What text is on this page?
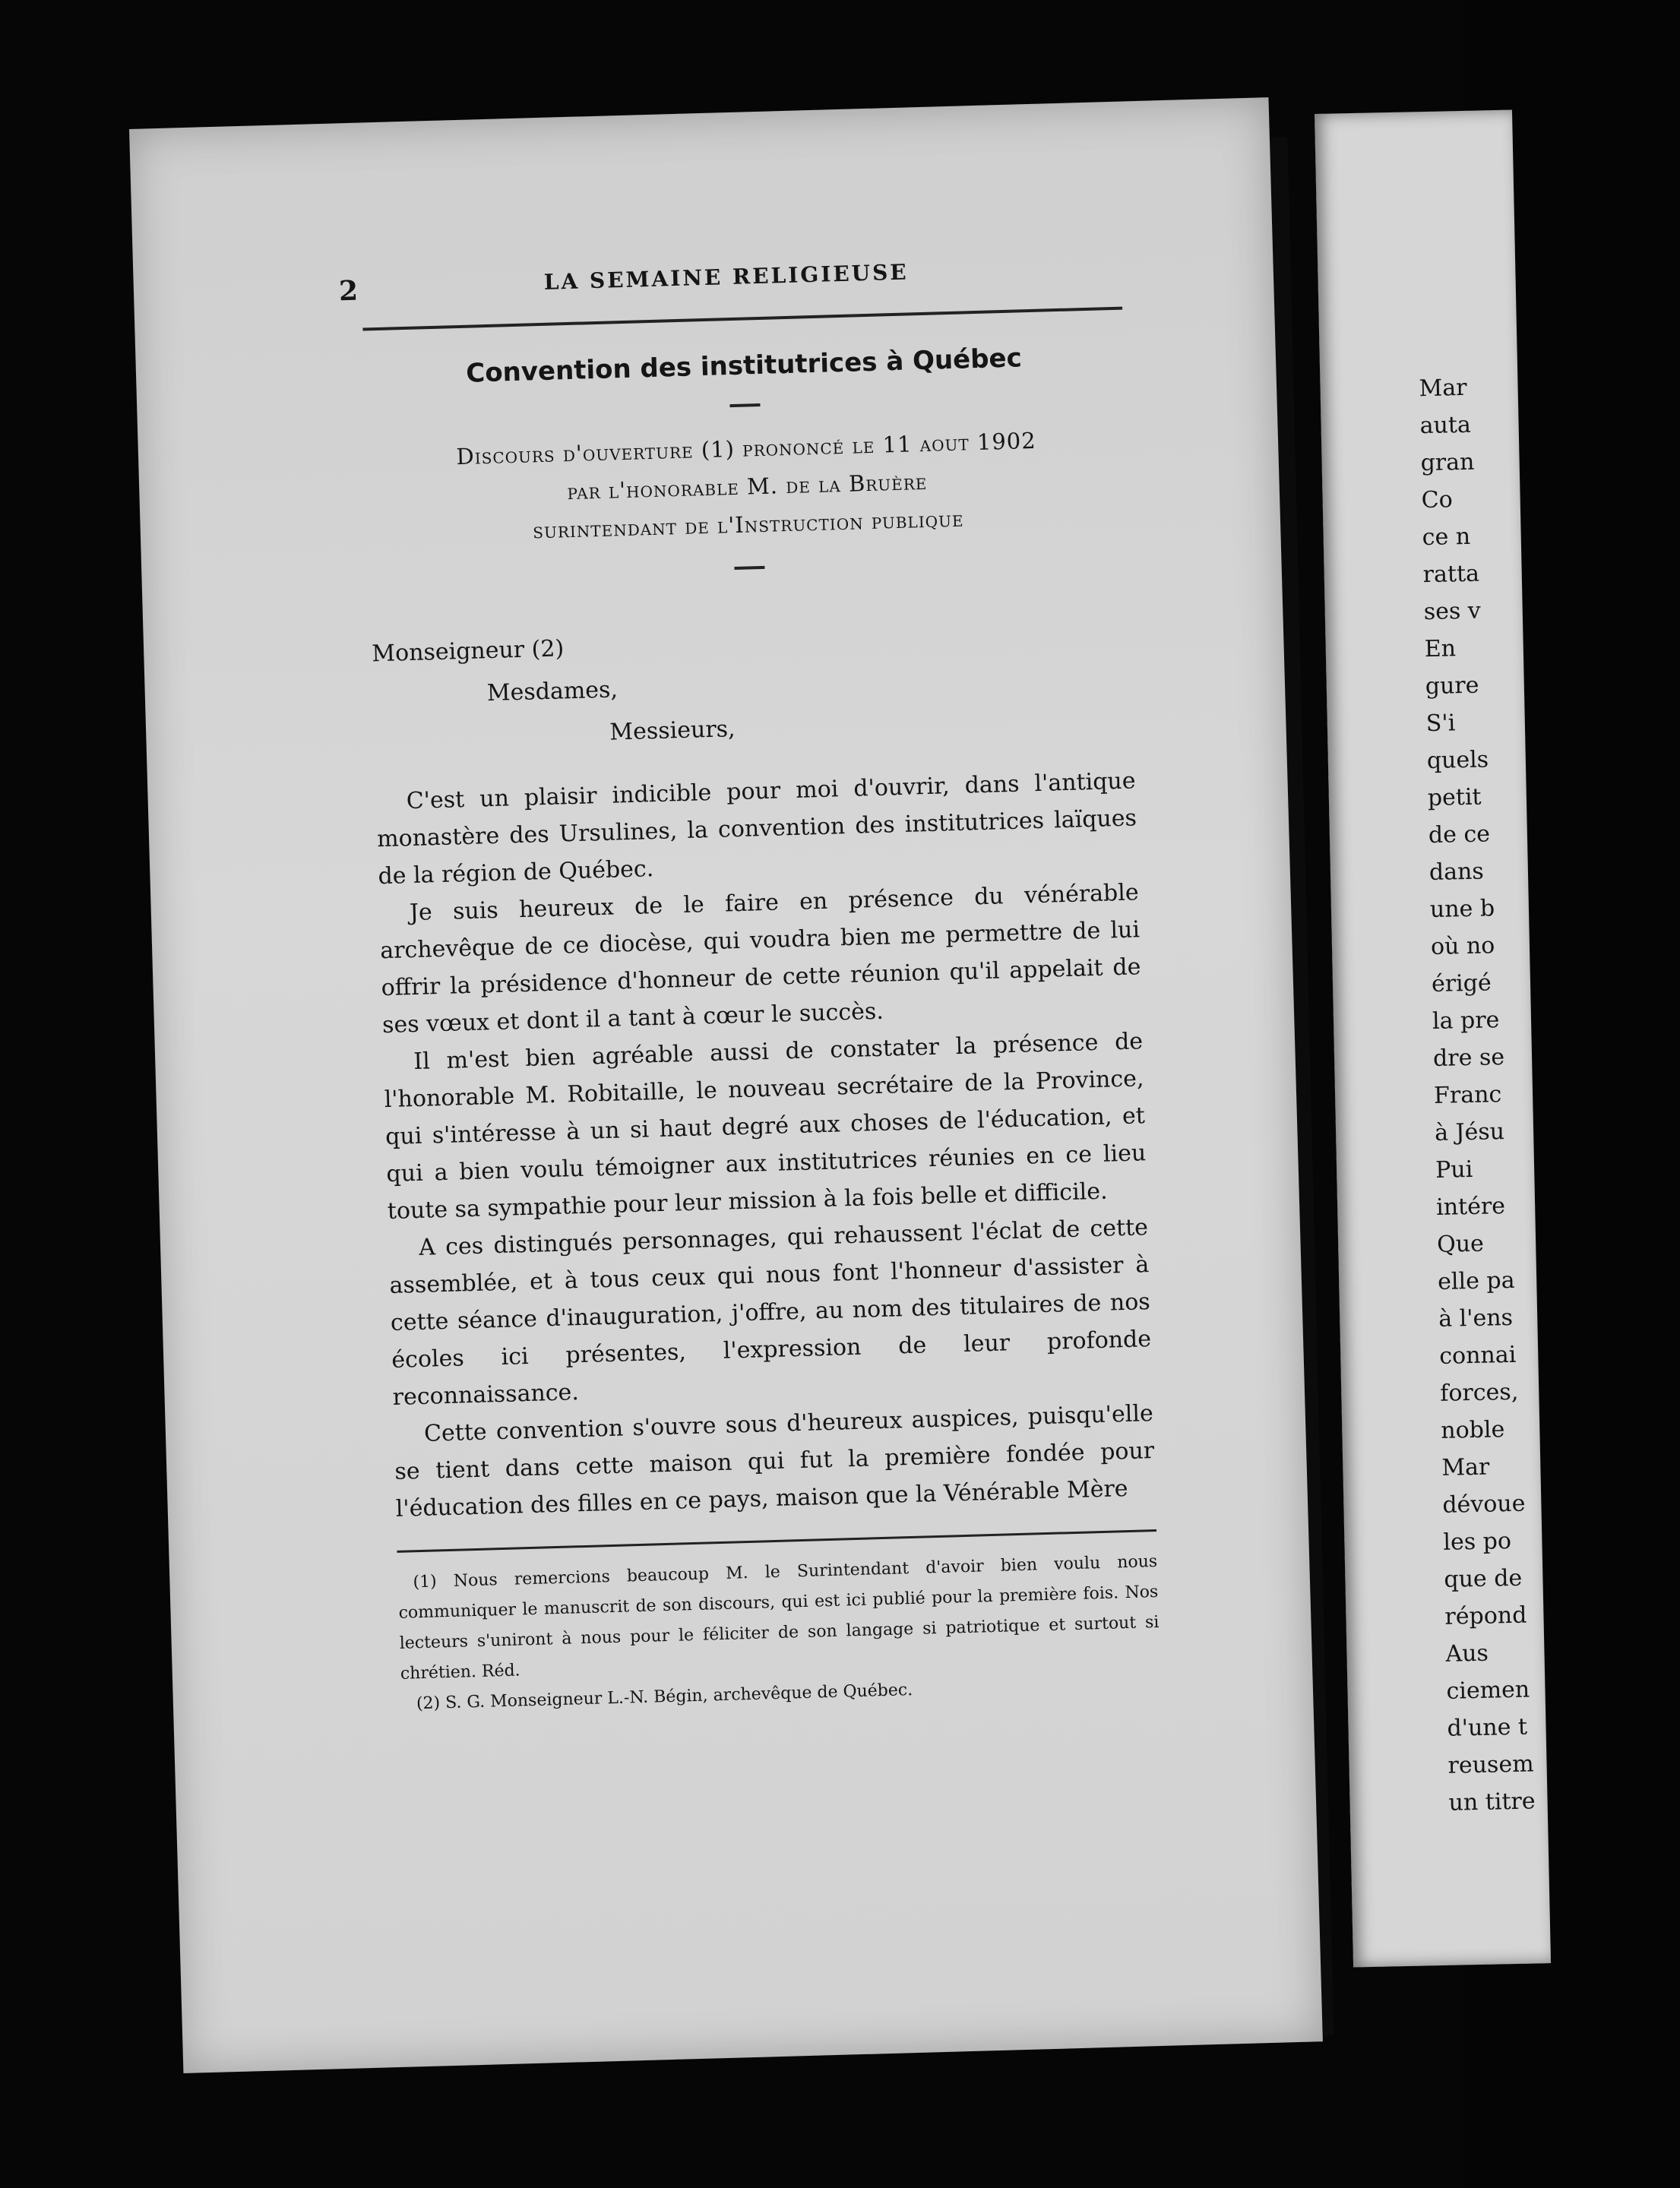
Mar
auta
gran
Co
ce n
ratta
ses v
En
gure
S'i
quels
petit
de ce
dans
une b
où no
érigé
la pre
dre se
Franc
à Jésu
Pui
intére
Que
elle pa
à l'ens
connai
forces,
noble
Mar
dévoue
les po
que de
répond
Aus
ciemen
d'une t
reusem
un titre
2	LA SEMAINE RELIGIEUSE
Convention des institutrices à Québec
Discours d'ouverture (1) prononcé le 11 aout 1902
par l'honorable M. de la Bruère
surintendant de l'Instruction publique
Monseigneur (2)
Mesdames,
Messieurs,

C'est un plaisir indicible pour moi d'ouvrir, dans l'antique monastère des Ursulines, la convention des institutrices laïques de la région de Québec.

Je suis heureux de le faire en présence du vénérable archevêque de ce diocèse, qui voudra bien me permettre de lui offrir la présidence d'honneur de cette réunion qu'il appelait de ses vœux et dont il a tant à cœur le succès.

Il m'est bien agréable aussi de constater la présence de l'honorable M. Robitaille, le nouveau secrétaire de la Province, qui s'intéresse à un si haut degré aux choses de l'éducation, et qui a bien voulu témoigner aux institutrices réunies en ce lieu toute sa sympathie pour leur mission à la fois belle et difficile.

A ces distingués personnages, qui rehaussent l'éclat de cette assemblée, et à tous ceux qui nous font l'honneur d'assister à cette séance d'inauguration, j'offre, au nom des titulaires de nos écoles ici présentes, l'expression de leur profonde reconnaissance.

Cette convention s'ouvre sous d'heureux auspices, puisqu'elle se tient dans cette maison qui fut la première fondée pour l'éducation des filles en ce pays, maison que la Vénérable Mère

(1) Nous remercions beaucoup M. le Surintendant d'avoir bien voulu nous communiquer le manuscrit de son discours, qui est ici publié pour la première fois. Nos lecteurs s'uniront à nous pour le féliciter de son langage si patriotique et surtout si chrétien. Réd.

(2) S. G. Monseigneur L.-N. Bégin, archevêque de Québec.
